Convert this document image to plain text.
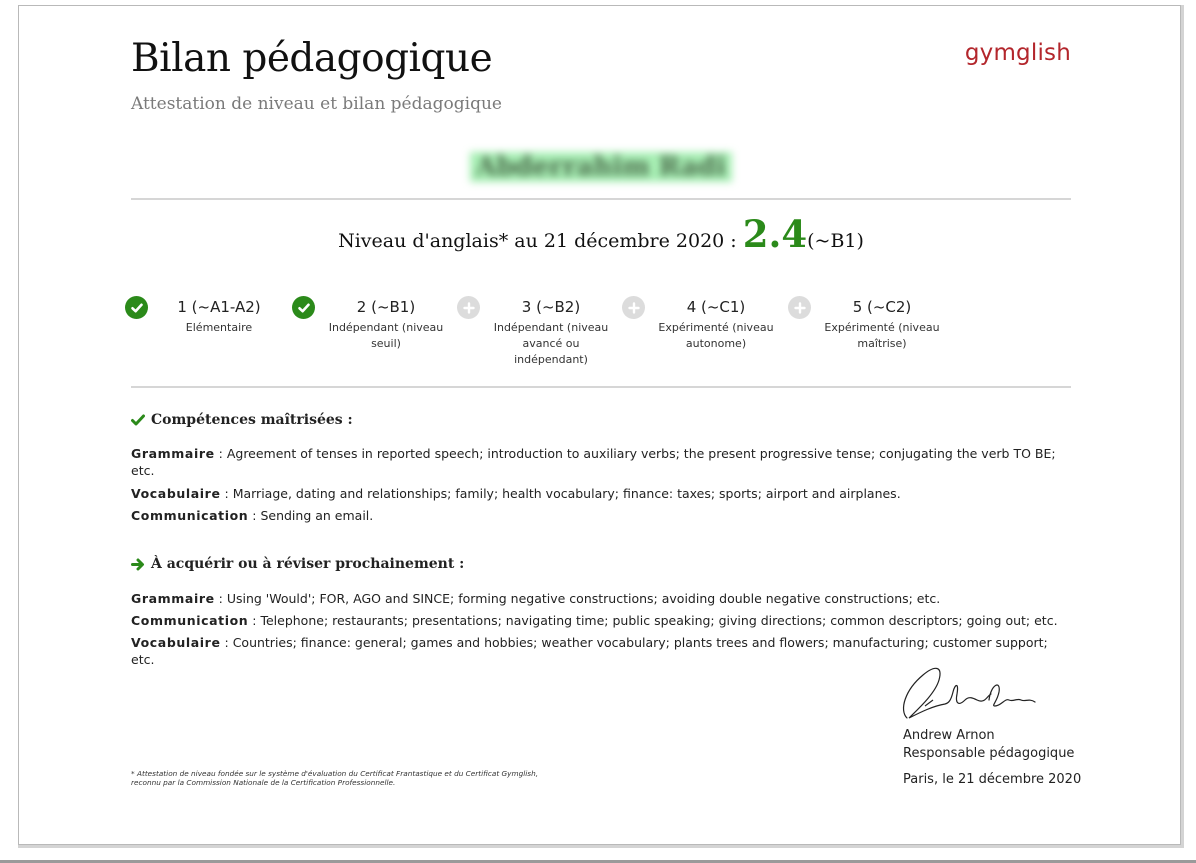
Bilan pédagogique
Attestation de niveau et bilan pédagogique
gymglish
Abderrahim Radi
Niveau d'anglais* au 21 décembre 2020 : 2.4(~B1)
1 (~A1-A2)
Elémentaire
2 (~B1)
Indépendant (niveau seuil)
3 (~B2)
Indépendant (niveau avancé ou indépendant)
4 (~C1)
Expérimenté (niveau autonome)
5 (~C2)
Expérimenté (niveau maîtrise)
Compétences maîtrisées :
Grammaire : Agreement of tenses in reported speech; introduction to auxiliary verbs; the present progressive tense; conjugating the verb TO BE; etc.
Vocabulaire : Marriage, dating and relationships; family; health vocabulary; finance: taxes; sports; airport and airplanes.
Communication : Sending an email.
À acquérir ou à réviser prochainement :
Grammaire : Using 'Would'; FOR, AGO and SINCE; forming negative constructions; avoiding double negative constructions; etc.
Communication : Telephone; restaurants; presentations; navigating time; public speaking; giving directions; common descriptors; going out; etc.
Vocabulaire : Countries; finance: general; games and hobbies; weather vocabulary; plants trees and flowers; manufacturing; customer support; etc.
Andrew Arnon
Responsable pédagogique
Paris, le 21 décembre 2020
* Attestation de niveau fondée sur le système d'évaluation du Certificat Frantastique et du Certificat Gymglish,
reconnu par la Commission Nationale de la Certification Professionnelle.
